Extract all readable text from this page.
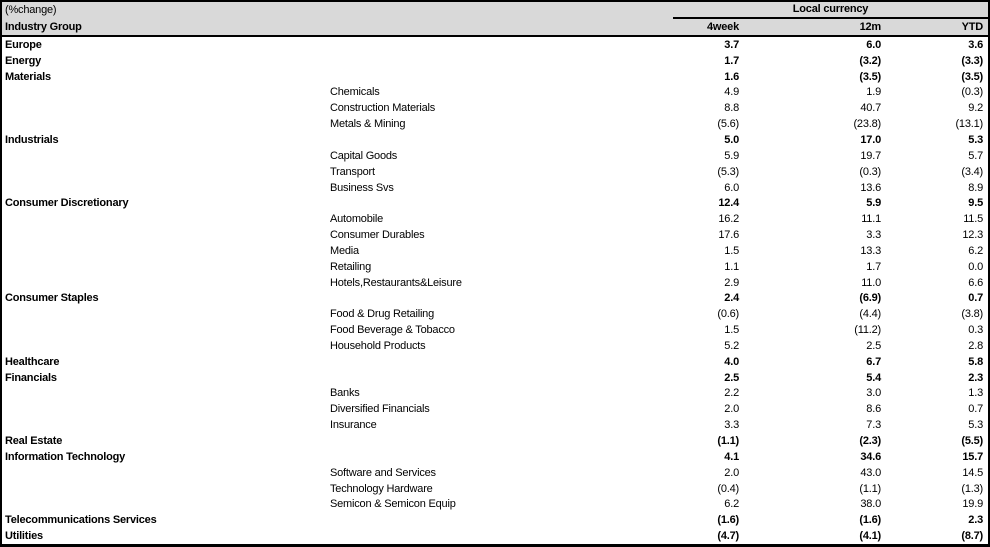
(%change)	Local currency
Industry Group	4week	12m	YTD
Europe	3.7	6.0	3.6
Energy	1.7	(3.2)	(3.3)
Materials	1.6	(3.5)	(3.5)
Chemicals	4.9	1.9	(0.3)
Construction Materials	8.8	40.7	9.2
Metals & Mining	(5.6)	(23.8)	(13.1)
Industrials	5.0	17.0	5.3
Capital Goods	5.9	19.7	5.7
Transport	(5.3)	(0.3)	(3.4)
Business Svs	6.0	13.6	8.9
Consumer Discretionary	12.4	5.9	9.5
Automobile	16.2	11.1	11.5
Consumer Durables	17.6	3.3	12.3
Media	1.5	13.3	6.2
Retailing	1.1	1.7	0.0
Hotels,Restaurants&Leisure	2.9	11.0	6.6
Consumer Staples	2.4	(6.9)	0.7
Food & Drug Retailing	(0.6)	(4.4)	(3.8)
Food Beverage & Tobacco	1.5	(11.2)	0.3
Household Products	5.2	2.5	2.8
Healthcare	4.0	6.7	5.8
Financials	2.5	5.4	2.3
Banks	2.2	3.0	1.3
Diversified Financials	2.0	8.6	0.7
Insurance	3.3	7.3	5.3
Real Estate	(1.1)	(2.3)	(5.5)
Information Technology	4.1	34.6	15.7
Software and Services	2.0	43.0	14.5
Technology Hardware	(0.4)	(1.1)	(1.3)
Semicon & Semicon Equip	6.2	38.0	19.9
Telecommunications Services	(1.6)	(1.6)	2.3
Utilities	(4.7)	(4.1)	(8.7)
